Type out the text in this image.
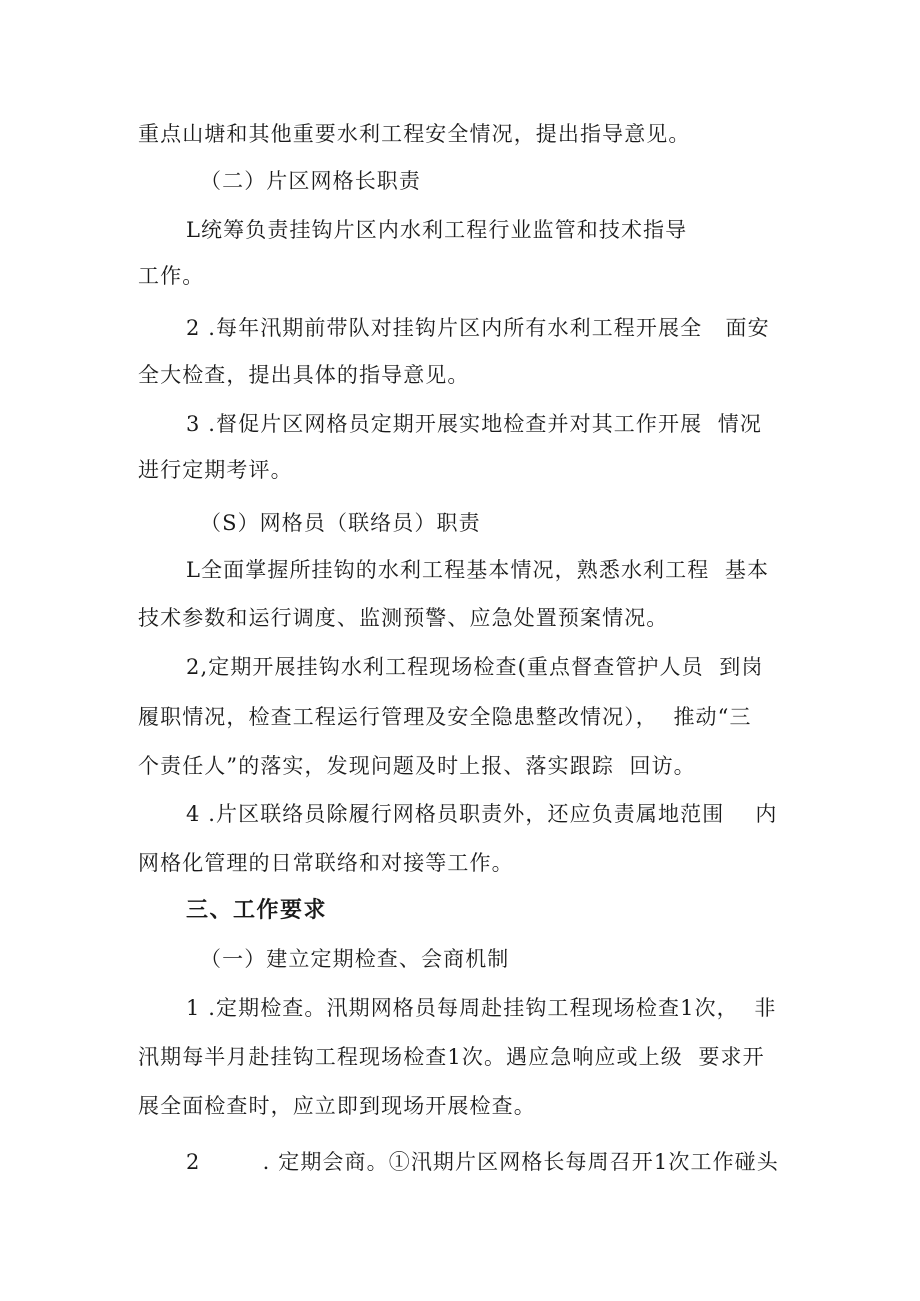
重点山塘和其他重要水利工程安全情况，提出指导意见。

（二）片区网格长职责

L统筹负责挂钩片区内水利工程行业监管和技术指导

工作。

2 .每年汛期前带队对挂钩片区内所有水利工程开展全   面安

全大检查，提出具体的指导意见。

3 .督促片区网格员定期开展实地检查并对其工作开展  情况

进行定期考评。

（S）网格员（联络员）职责

L全面掌握所挂钩的水利工程基本情况，熟悉水利工程  基本

技术参数和运行调度、监测预警、应急处置预案情况。

2,定期开展挂钩水利工程现场检查(重点督查管护人员  到岗

履职情况，检查工程运行管理及安全隐患整改情况），  推动“三

个责任人”的落实，发现问题及时上报、落实跟踪  回访。

4 .片区联络员除履行网格员职责外，还应负责属地范围    内

网格化管理的日常联络和对接等工作。

三、工作要求

（一）建立定期检查、会商机制

1 .定期检查。汛期网格员每周赴挂钩工程现场检查1次，  非

汛期每半月赴挂钩工程现场检查1次。遇应急响应或上级  要求开

展全面检查时，应立即到现场开展检查。

2        . 定期会商。①汛期片区网格长每周召开1次工作碰头
